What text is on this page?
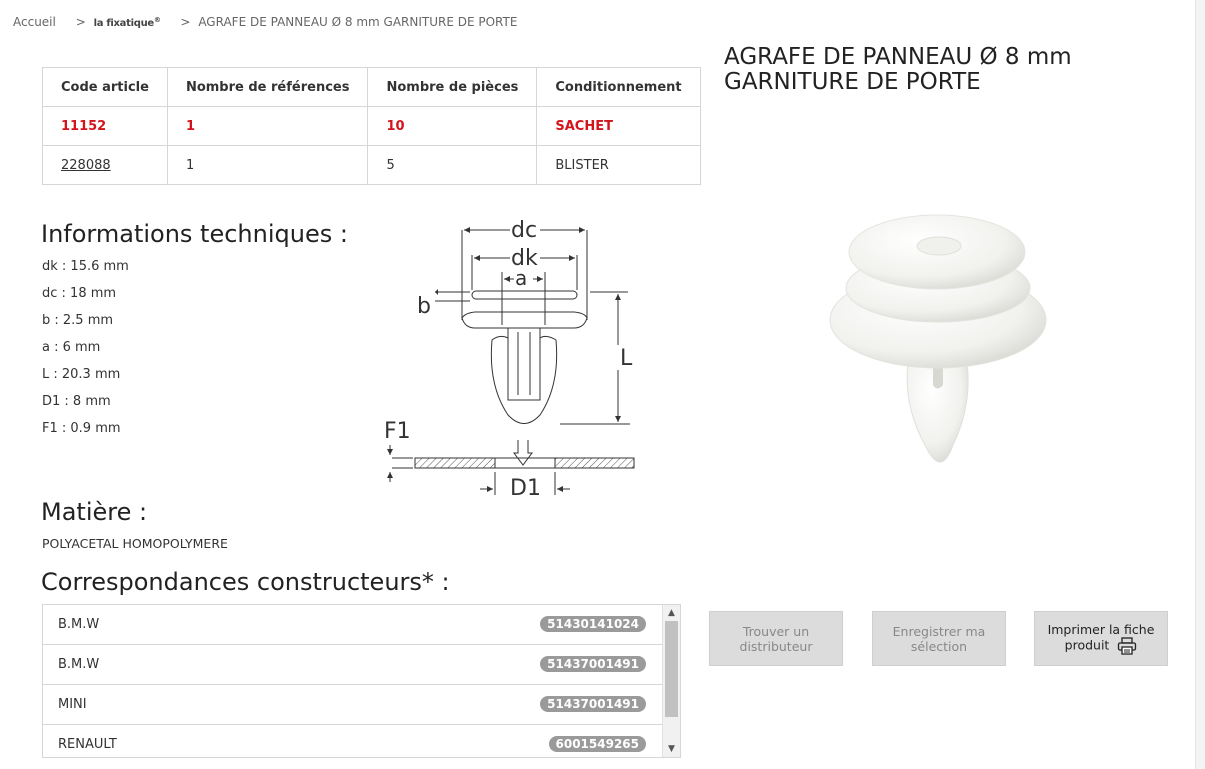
Accueil > la fixatique® > AGRAFE DE PANNEAU Ø 8 mm GARNITURE DE PORTE
Code article	Nombre de références	Nombre de pièces	Conditionnement
11152	1	10	SACHET
228088	1	5	BLISTER
AGRAFE DE PANNEAU Ø 8 mm
GARNITURE DE PORTE
Informations techniques :
dk : 15.6 mm
dc : 18 mm
b : 2.5 mm
a : 6 mm
L : 20.3 mm
D1 : 8 mm
F1 : 0.9 mm
dc
dk
a
b
L
F1
D1
Matière :
POLYACETAL HOMOPOLYMERE
Correspondances constructeurs* :
B.M.W	51430141024
B.M.W	51437001491
MINI	51437001491
RENAULT	6001549265
▲
▼
Trouver un
distributeur
Enregistrer ma
sélection
Imprimer la fiche
produit
